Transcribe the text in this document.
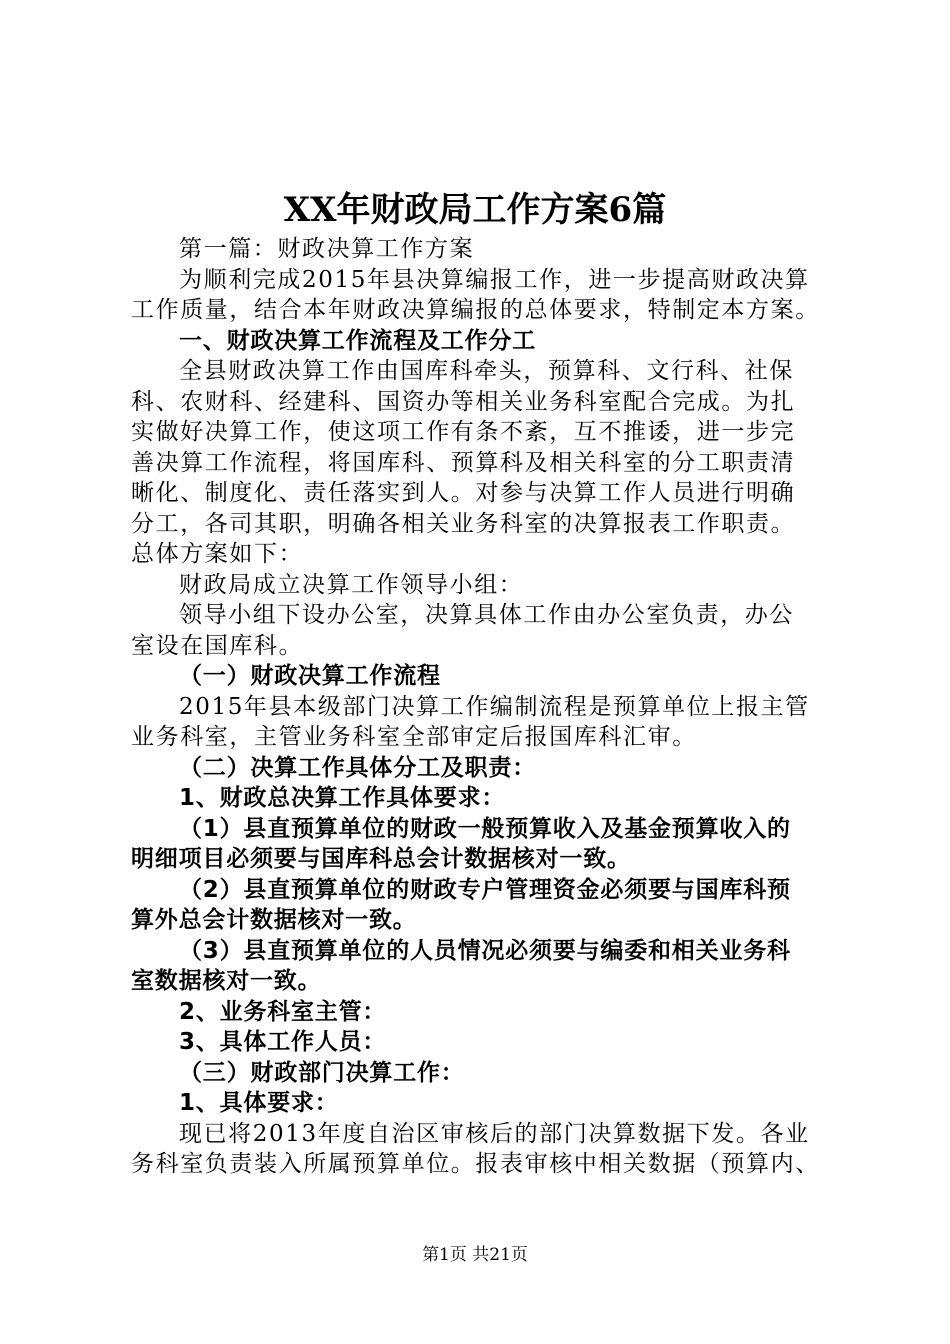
XX年财政局工作方案6篇

第一篇：财政决算工作方案

为顺利完成2015年县决算编报工作，进一步提高财政决算

工作质量，结合本年财政决算编报的总体要求，特制定本方案。

一、财政决算工作流程及工作分工

全县财政决算工作由国库科牵头，预算科、文行科、社保

科、农财科、经建科、国资办等相关业务科室配合完成。为扎

实做好决算工作，使这项工作有条不紊，互不推诿，进一步完

善决算工作流程，将国库科、预算科及相关科室的分工职责清

晰化、制度化、责任落实到人。对参与决算工作人员进行明确

分工，各司其职，明确各相关业务科室的决算报表工作职责。

总体方案如下：

财政局成立决算工作领导小组：

领导小组下设办公室，决算具体工作由办公室负责，办公

室设在国库科。

（一）财政决算工作流程

2015年县本级部门决算工作编制流程是预算单位上报主管

业务科室，主管业务科室全部审定后报国库科汇审。

（二）决算工作具体分工及职责：

1、财政总决算工作具体要求：

（1）县直预算单位的财政一般预算收入及基金预算收入的

明细项目必须要与国库科总会计数据核对一致。

（2）县直预算单位的财政专户管理资金必须要与国库科预

算外总会计数据核对一致。

（3）县直预算单位的人员情况必须要与编委和相关业务科

室数据核对一致。

2、业务科室主管：

3、具体工作人员：

（三）财政部门决算工作：

1、具体要求：

现已将2013年度自治区审核后的部门决算数据下发。各业

务科室负责装入所属预算单位。报表审核中相关数据（预算内、

第1页 共21页
